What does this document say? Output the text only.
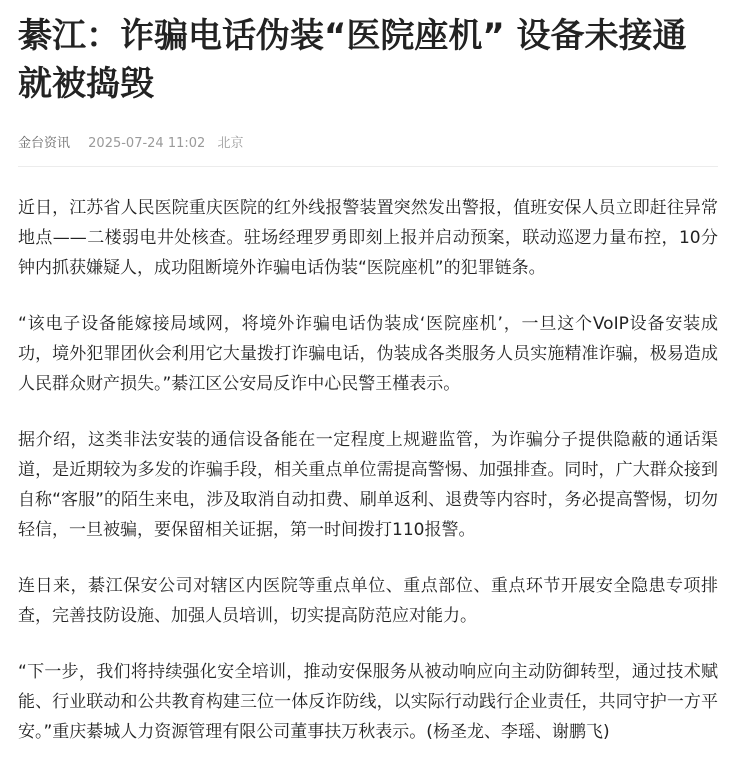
綦江：诈骗电话伪装“医院座机” 设备未接通就被捣毁
金台资讯 2025-07-24 11:02 北京

近日，江苏省人民医院重庆医院的红外线报警装置突然发出警报，值班安保人员立即赶往异常地点——二楼弱电井处核查。驻场经理罗勇即刻上报并启动预案，联动巡逻力量布控，10分钟内抓获嫌疑人，成功阻断境外诈骗电话伪装“医院座机”的犯罪链条。

“该电子设备能嫁接局域网，将境外诈骗电话伪装成‘医院座机’，一旦这个VoIP设备安装成功，境外犯罪团伙会利用它大量拨打诈骗电话，伪装成各类服务人员实施精准诈骗，极易造成人民群众财产损失。”綦江区公安局反诈中心民警王槿表示。

据介绍，这类非法安装的通信设备能在一定程度上规避监管，为诈骗分子提供隐蔽的通话渠道，是近期较为多发的诈骗手段，相关重点单位需提高警惕、加强排查。同时，广大群众接到自称“客服”的陌生来电，涉及取消自动扣费、刷单返利、退费等内容时，务必提高警惕，切勿轻信，一旦被骗，要保留相关证据，第一时间拨打110报警。

连日来，綦江保安公司对辖区内医院等重点单位、重点部位、重点环节开展安全隐患专项排查，完善技防设施、加强人员培训，切实提高防范应对能力。

“下一步，我们将持续强化安全培训，推动安保服务从被动响应向主动防御转型，通过技术赋能、行业联动和公共教育构建三位一体反诈防线，以实际行动践行企业责任，共同守护一方平安。”重庆綦城人力资源管理有限公司董事扶万秋表示。(杨圣龙、李瑶、谢鹏飞)
